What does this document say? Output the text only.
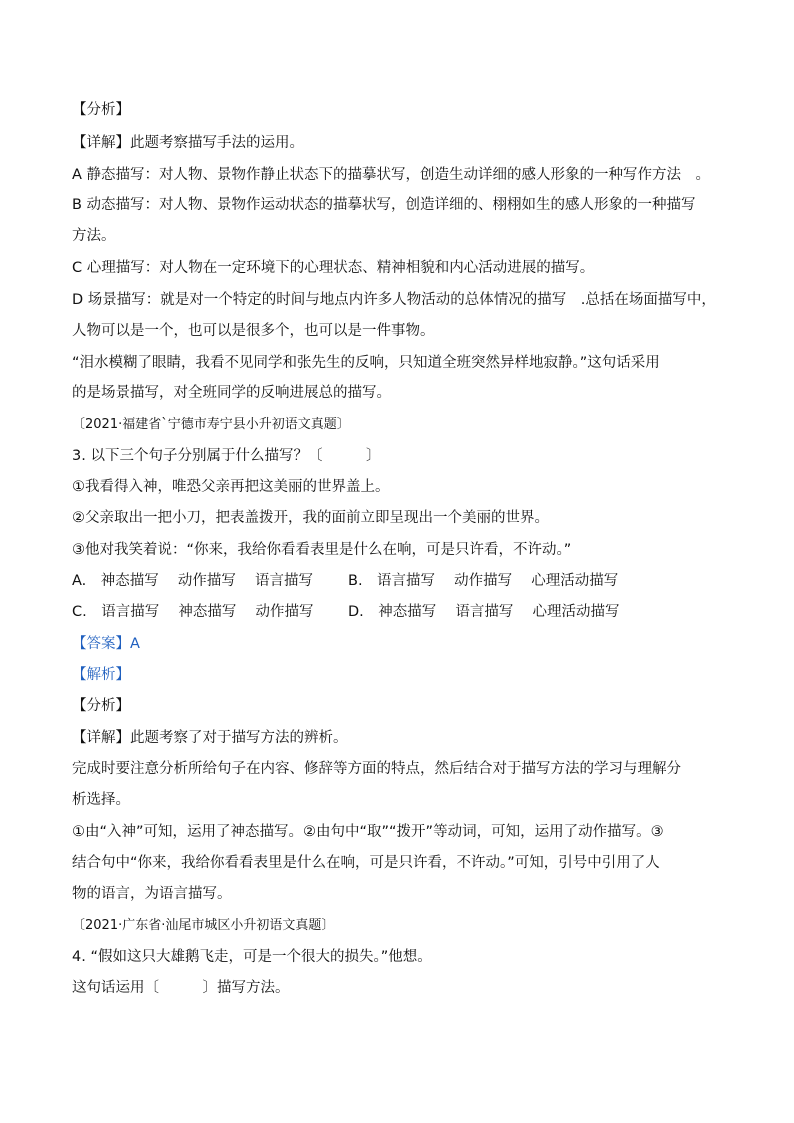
【分析】
【详解】此题考察描写手法的运用。
A 静态描写：对人物、景物作静止状态下的描摹状写，创造生动详细的感人形象的一种写作方法　。
B 动态描写：对人物、景物作运动状态的描摹状写，创造详细的、栩栩如生的感人形象的一种描写
方法。
C 心理描写：对人物在一定环境下的心理状态、精神相貌和内心活动进展的描写。
D 场景描写：就是对一个特定的时间与地点内许多人物活动的总体情况的描写　.总括在场面描写中，
人物可以是一个，也可以是很多个，也可以是一件事物。
“泪水模糊了眼睛，我看不见同学和张先生的反响，只知道全班突然异样地寂静。”这句话采用
的是场景描写，对全班同学的反响进展总的描写。
〔2021·福建省`宁德市寿宁县小升初语文真题〕
3. 以下三个句子分别属于什么描写？〔　　　〕
①我看得入神，唯恐父亲再把这美丽的世界盖上。
②父亲取出一把小刀，把表盖拨开，我的面前立即呈现出一个美丽的世界。
③他对我笑着说：“你来，我给你看看表里是什么在响，可是只许看，不许动。”
A.　神态描写　 动作描写　 语言描写 B.　语言描写　 动作描写　 心理活动描写
C.　语言描写　 神态描写　 动作描写 D.　神态描写　 语言描写　 心理活动描写
【答案】A
【解析】
【分析】
【详解】此题考察了对于描写方法的辨析。
完成时要注意分析所给句子在内容、修辞等方面的特点，然后结合对于描写方法的学习与理解分
析选择。
①由“入神”可知，运用了神态描写。②由句中“取”“拨开”等动词，可知，运用了动作描写。③
结合句中“你来，我给你看看表里是什么在响，可是只许看，不许动。”可知，引号中引用了人
物的语言，为语言描写。
〔2021·广东省·汕尾市城区小升初语文真题〕
4. “假如这只大雄鹅飞走，可是一个很大的损失。”他想。
这句话运用〔　　　〕描写方法。
